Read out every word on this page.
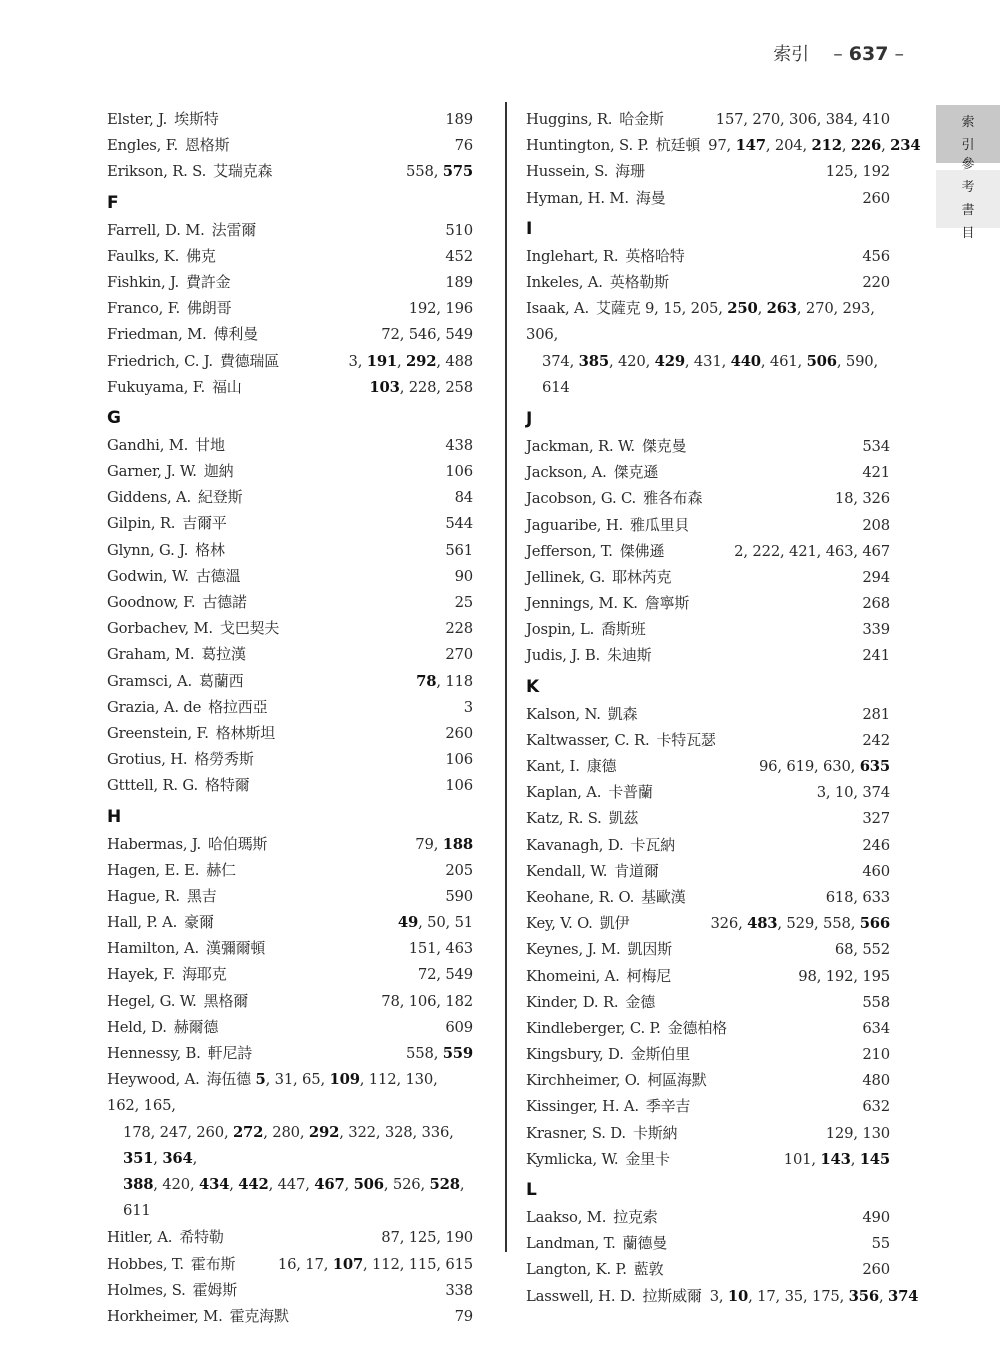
索引 – 637 –
索
引
參
考
書
目
Elster, J. 埃斯特	189
Engles, F. 恩格斯	76
Erikson, R. S. 艾瑞克森	558, 575
F
Farrell, D. M. 法雷爾	510
Faulks, K. 佛克	452
Fishkin, J. 費許金	189
Franco, F. 佛朗哥	192, 196
Friedman, M. 傅利曼	72, 546, 549
Friedrich, C. J. 費德瑞區	3, 191, 292, 488
Fukuyama, F. 福山	103, 228, 258
G
Gandhi, M. 甘地	438
Garner, J. W. 迦納	106
Giddens, A. 紀登斯	84
Gilpin, R. 吉爾平	544
Glynn, G. J. 格林	561
Godwin, W. 古德溫	90
Goodnow, F. 古德諾	25
Gorbachev, M. 戈巴契夫	228
Graham, M. 葛拉漢	270
Gramsci, A. 葛蘭西	78, 118
Grazia, A. de 格拉西亞	3
Greenstein, F. 格林斯坦	260
Grotius, H. 格勞秀斯	106
Gtttell, R. G. 格特爾	106
H
Habermas, J. 哈伯瑪斯	79, 188
Hagen, E. E. 赫仁	205
Hague, R. 黑吉	590
Hall, P. A. 豪爾	49, 50, 51
Hamilton, A. 漢彌爾頓	151, 463
Hayek, F. 海耶克	72, 549
Hegel, G. W. 黑格爾	78, 106, 182
Held, D. 赫爾德	609
Hennessy, B. 軒尼詩	558, 559
Heywood, A. 海伍德 5, 31, 65, 109, 112, 130, 162, 165,
178, 247, 260, 272, 280, 292, 322, 328, 336, 351, 364,
388, 420, 434, 442, 447, 467, 506, 526, 528, 611
Hitler, A. 希特勒	87, 125, 190
Hobbes, T. 霍布斯	16, 17, 107, 112, 115, 615
Holmes, S. 霍姆斯	338
Horkheimer, M. 霍克海默	79
Huggins, R. 哈金斯	157, 270, 306, 384, 410
Huntington, S. P. 杭廷頓 97, 147, 204, 212, 226, 234
Hussein, S. 海珊	125, 192
Hyman, H. M. 海曼	260
I
Inglehart, R. 英格哈特	456
Inkeles, A. 英格勒斯	220
Isaak, A. 艾薩克 9, 15, 205, 250, 263, 270, 293, 306,
374, 385, 420, 429, 431, 440, 461, 506, 590, 614
J
Jackman, R. W. 傑克曼	534
Jackson, A. 傑克遜	421
Jacobson, G. C. 雅各布森	18, 326
Jaguaribe, H. 雅瓜里貝	208
Jefferson, T. 傑佛遜	2, 222, 421, 463, 467
Jellinek, G. 耶林芮克	294
Jennings, M. K. 詹寧斯	268
Jospin, L. 喬斯班	339
Judis, J. B. 朱迪斯	241
K
Kalson, N. 凱森	281
Kaltwasser, C. R. 卡特瓦瑟	242
Kant, I. 康德	96, 619, 630, 635
Kaplan, A. 卡普蘭	3, 10, 374
Katz, R. S. 凱茲	327
Kavanagh, D. 卡瓦納	246
Kendall, W. 肯道爾	460
Keohane, R. O. 基歐漢	618, 633
Key, V. O. 凱伊	326, 483, 529, 558, 566
Keynes, J. M. 凱因斯	68, 552
Khomeini, A. 柯梅尼	98, 192, 195
Kinder, D. R. 金德	558
Kindleberger, C. P. 金德柏格	634
Kingsbury, D. 金斯伯里	210
Kirchheimer, O. 柯區海默	480
Kissinger, H. A. 季辛吉	632
Krasner, S. D. 卡斯納	129, 130
Kymlicka, W. 金里卡	101, 143, 145
L
Laakso, M. 拉克索	490
Landman, T. 蘭德曼	55
Langton, K. P. 藍敦	260
Lasswell, H. D. 拉斯威爾 3, 10, 17, 35, 175, 356, 374
